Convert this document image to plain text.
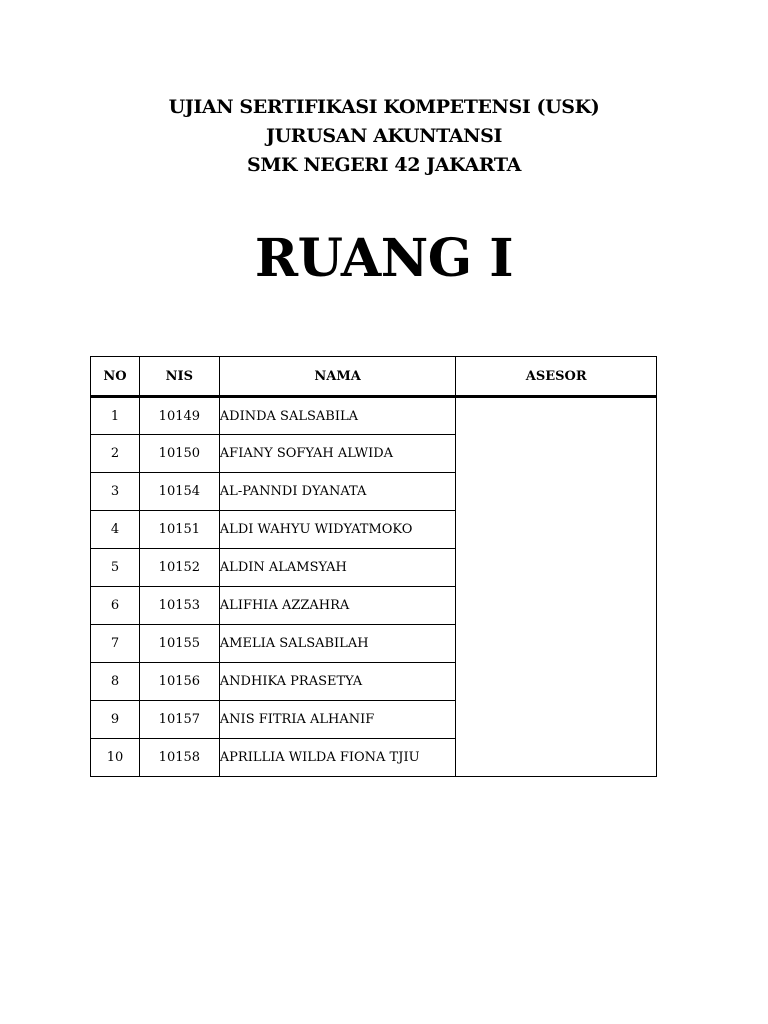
UJIAN SERTIFIKASI KOMPETENSI (USK)
JURUSAN AKUNTANSI
SMK NEGERI 42 JAKARTA
RUANG I
NO	NIS	NAMA	ASESOR
1	10149	ADINDA SALSABILA	
2	10150	AFIANY SOFYAH ALWIDA	
3	10154	AL-PANNDI DYANATA	
4	10151	ALDI WAHYU WIDYATMOKO	
5	10152	ALDIN ALAMSYAH	
6	10153	ALIFHIA AZZAHRA	
7	10155	AMELIA SALSABILAH	
8	10156	ANDHIKA PRASETYA	
9	10157	ANIS FITRIA ALHANIF	
10	10158	APRILLIA WILDA FIONA TJIU	
